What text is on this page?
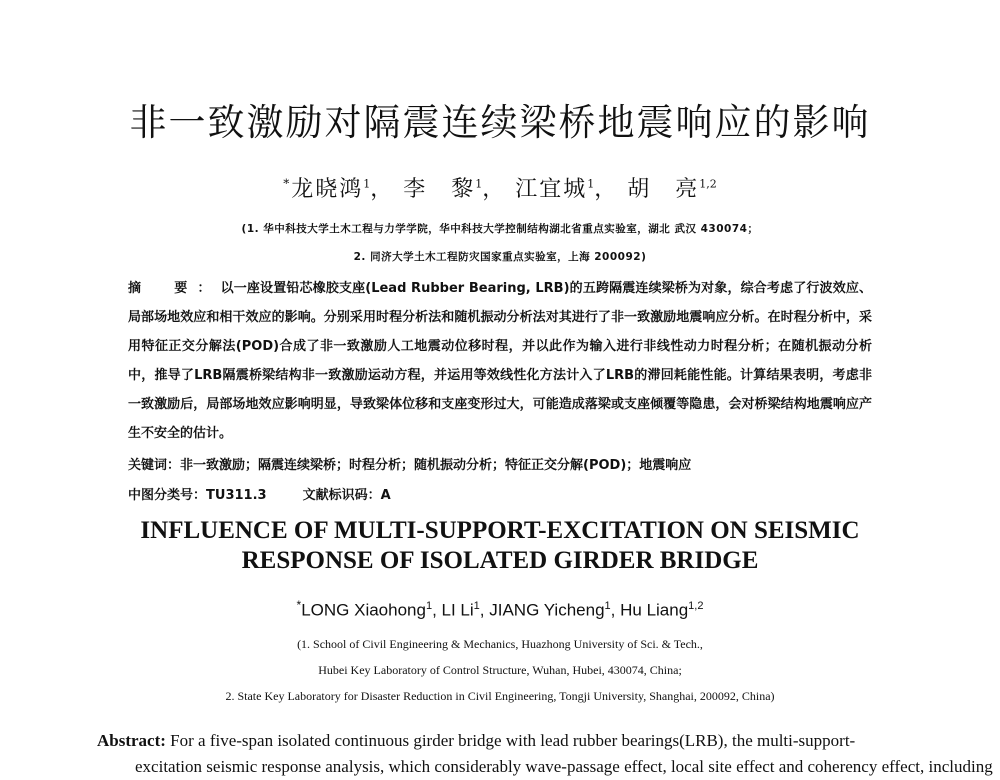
非一致激励对隔震连续梁桥地震响应的影响
*龙晓鸿$^1$， 李　黎$^1$， 江宜城$^1$， 胡　亮$^{1,2}$
(1. 华中科技大学土木工程与力学学院，华中科技大学控制结构湖北省重点实验室，湖北 武汉 430074；
2. 同济大学土木工程防灾国家重点实验室，上海 200092)
摘　要：以一座设置铅芯橡胶支座(Lead Rubber Bearing, LRB)的五跨隔震连续梁桥为对象，综合考虑了行波效应、局部场地效应和相干效应的影响。分别采用时程分析法和随机振动分析法对其进行了非一致激励地震响应分析。在时程分析中，采用特征正交分解法(POD)合成了非一致激励人工地震动位移时程，并以此作为输入进行非线性动力时程分析；在随机振动分析中，推导了LRB隔震桥梁结构非一致激励运动方程，并运用等效线性化方法计入了LRB的滞回耗能性能。计算结果表明，考虑非一致激励后，局部场地效应影响明显，导致梁体位移和支座变形过大，可能造成落梁或支座倾覆等隐患，会对桥梁结构地震响应产生不安全的估计。
关键词：非一致激励；隔震连续梁桥；时程分析；随机振动分析；特征正交分解(POD)；地震响应
中图分类号：TU311.3	文献标识码：A
INFLUENCE OF MULTI-SUPPORT-EXCITATION ON SEISMIC
RESPONSE OF ISOLATED GIRDER BRIDGE
*LONG Xiaohong$^1$, LI Li$^1$, JIANG Yicheng$^1$, Hu Liang$^{1,2}$
(1. School of Civil Engineering & Mechanics, Huazhong University of Sci. & Tech.,
Hubei Key Laboratory of Control Structure, Wuhan, Hubei, 430074, China;
2. State Key Laboratory for Disaster Reduction in Civil Engineering, Tongji University, Shanghai, 200092, China)
Abstract: For a five-span isolated continuous girder bridge with lead rubber bearings(LRB), the multi-support-
excitation seismic response analysis, which considerably wave-passage effect, local site effect and coherency effect, including
